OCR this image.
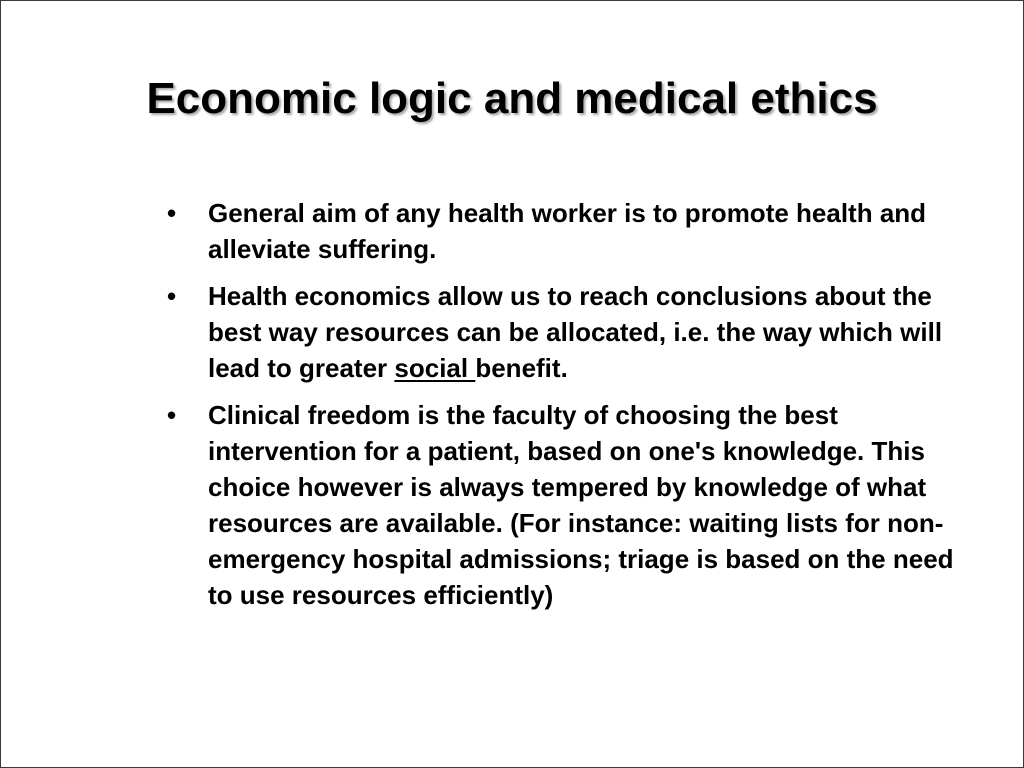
Economic logic and medical ethics
• General aim of any health worker is to promote health and alleviate suffering.
• Health economics allow us to reach conclusions about the best way resources can be allocated, i.e. the way which will lead to greater social benefit.
• Clinical freedom is the faculty of choosing the best intervention for a patient, based on one's knowledge. This choice however is always tempered by knowledge of what resources are available. (For instance: waiting lists for non-emergency hospital admissions; triage is based on the need to use resources efficiently)
